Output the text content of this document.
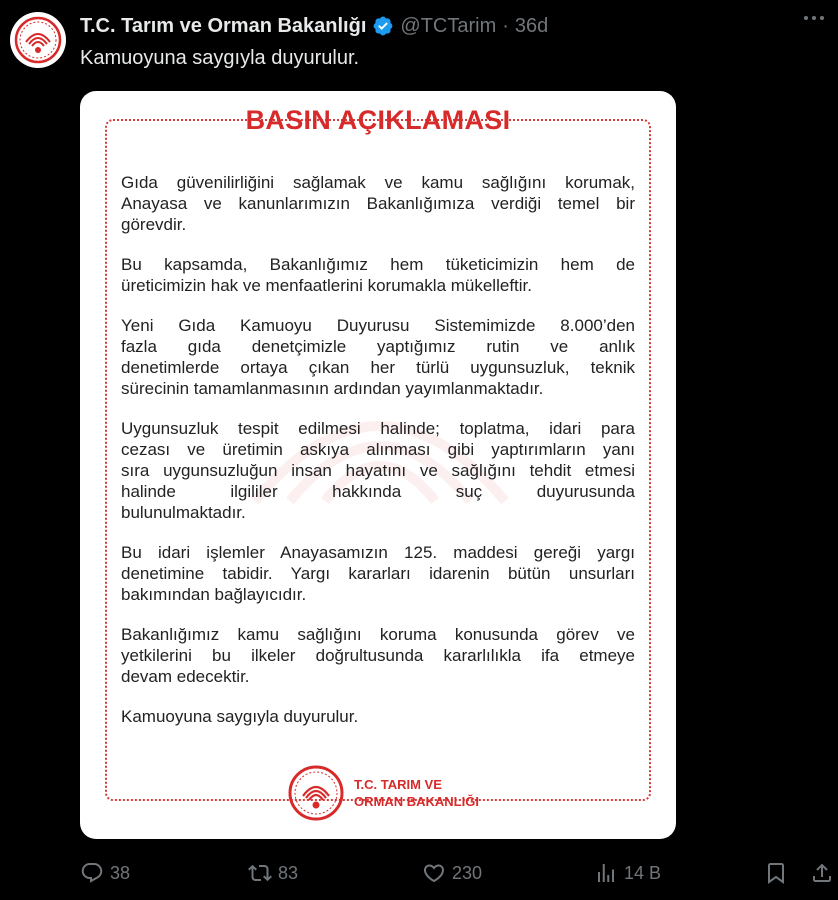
T.C. Tarım ve Orman Bakanlığı @TCTarim · 36d
Kamuoyuna saygıyla duyurulur.
BASIN AÇIKLAMASI
Gıda güvenilirliğini sağlamak ve kamu sağlığını korumak,
Anayasa ve kanunlarımızın Bakanlığımıza verdiği temel bir
görevdir.
Bu kapsamda, Bakanlığımız hem tüketicimizin hem de
üreticimizin hak ve menfaatlerini korumakla mükelleftir.
Yeni Gıda Kamuoyu Duyurusu Sistemimizde 8.000’den
fazla gıda denetçimizle yaptığımız rutin ve anlık
denetimlerde ortaya çıkan her türlü uygunsuzluk, teknik
sürecinin tamamlanmasının ardından yayımlanmaktadır.
Uygunsuzluk tespit edilmesi halinde; toplatma, idari para
cezası ve üretimin askıya alınması gibi yaptırımların yanı
sıra uygunsuzluğun insan hayatını ve sağlığını tehdit etmesi
halinde ilgililer hakkında suç duyurusunda
bulunulmaktadır.
Bu idari işlemler Anayasamızın 125. maddesi gereği yargı
denetimine tabidir. Yargı kararları idarenin bütün unsurları
bakımından bağlayıcıdır.
Bakanlığımız kamu sağlığını koruma konusunda görev ve
yetkilerini bu ilkeler doğrultusunda kararlılıkla ifa etmeye
devam edecektir.
Kamuoyuna saygıyla duyurulur.
T.C. TARIM VE
ORMAN BAKANLIĞI
38	83	230	14 B
